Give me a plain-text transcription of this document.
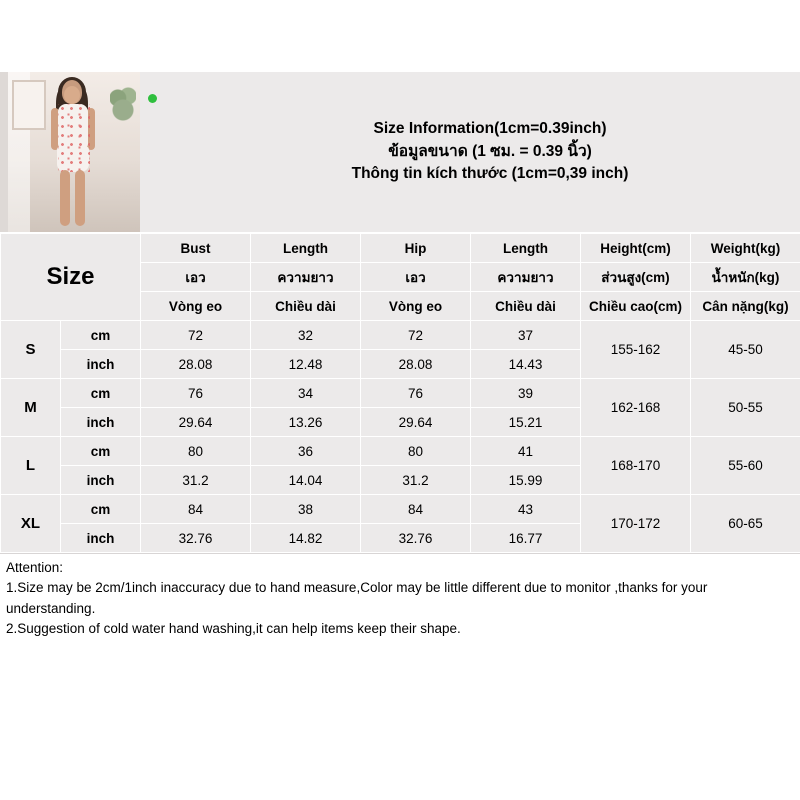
Size Information(1cm=0.39inch)
ข้อมูลขนาด (1 ซม. = 0.39 นิ้ว)
Thông tin kích thước (1cm=0,39 inch)
Size		Bust	Length	Hip	Length	Height(cm)	Weight(kg)
		เอว	ความยาว	เอว	ความยาว	ส่วนสูง(cm)	น้ำหนัก(kg)
		Vòng eo	Chiều dài	Vòng eo	Chiều dài	Chiều cao(cm)	Cân nặng(kg)
S	cm	72	32	72	37	155-162	45-50
	inch	28.08	12.48	28.08	14.43		
M	cm	76	34	76	39	162-168	50-55
	inch	29.64	13.26	29.64	15.21		
L	cm	80	36	80	41	168-170	55-60
	inch	31.2	14.04	31.2	15.99		
XL	cm	84	38	84	43	170-172	60-65
	inch	32.76	14.82	32.76	16.77		
Attention:
1.Size may be 2cm/1inch inaccuracy due to hand measure,Color may be little different due to monitor ,thanks for your understanding.
2.Suggestion of cold water hand washing,it can help items keep their shape.
